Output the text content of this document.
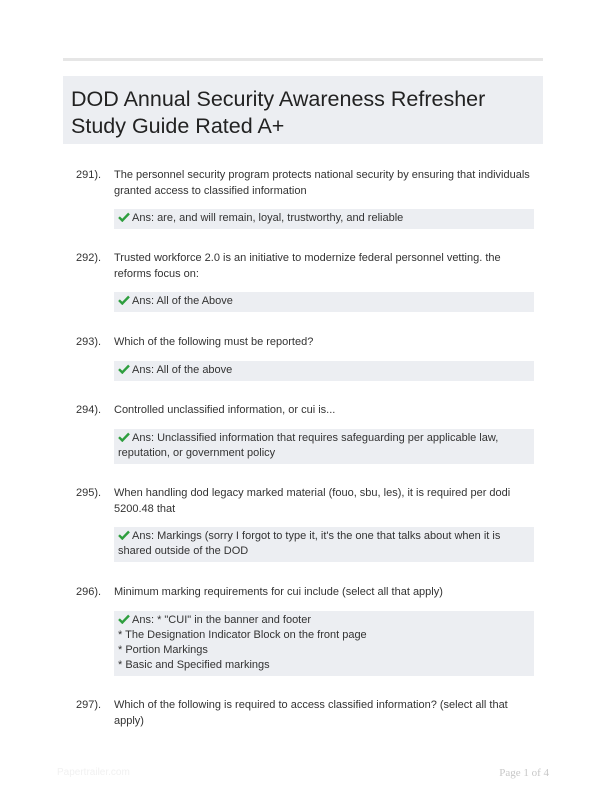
DOD Annual Security Awareness Refresher Study Guide Rated A+
291). The personnel security program protects national security by ensuring that individuals granted access to classified information
Ans: are, and will remain, loyal, trustworthy, and reliable
292). Trusted workforce 2.0 is an initiative to modernize federal personnel vetting. the reforms focus on:
Ans: All of the Above
293). Which of the following must be reported?
Ans: All of the above
294). Controlled unclassified information, or cui is...
Ans: Unclassified information that requires safeguarding per applicable law, reputation, or government policy
295). When handling dod legacy marked material (fouo, sbu, les), it is required per dodi 5200.48 that
Ans: Markings (sorry I forgot to type it, it's the one that talks about when it is shared outside of the DOD
296). Minimum marking requirements for cui include (select all that apply)
Ans: * "CUI" in the banner and footer
* The Designation Indicator Block on the front page
* Portion Markings
* Basic and Specified markings
297). Which of the following is required to access classified information? (select all that apply)
Papertrailer.com	Page 1 of 4
